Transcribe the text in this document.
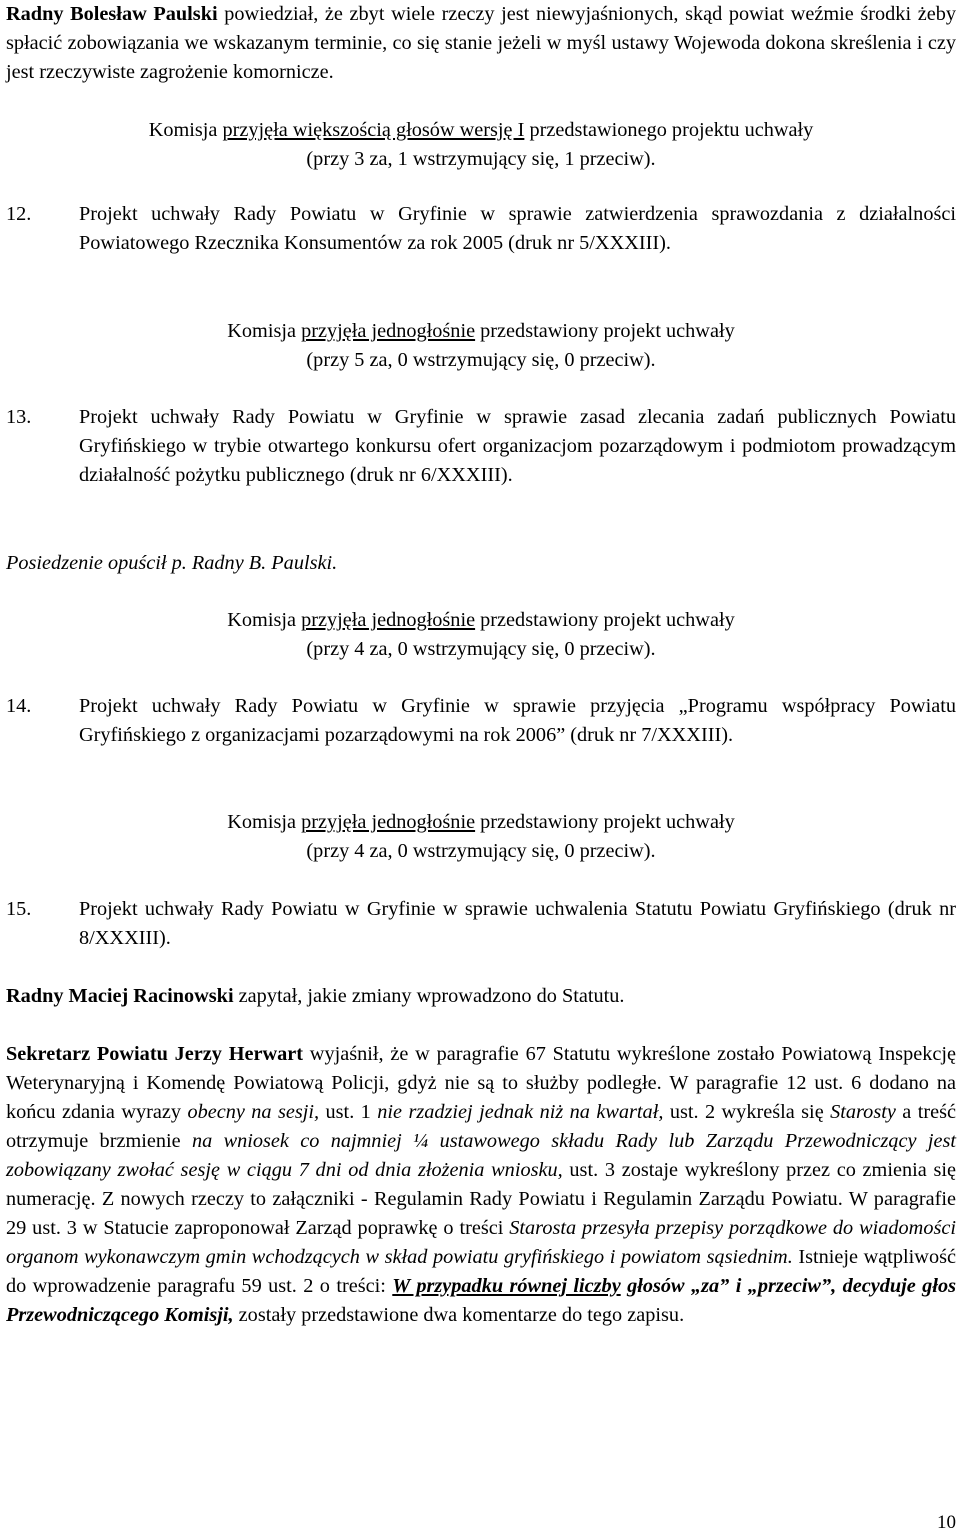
Radny Bolesław Paulski powiedział, że zbyt wiele rzeczy jest niewyjaśnionych, skąd powiat weźmie środki żeby spłacić zobowiązania we wskazanym terminie, co się stanie jeżeli w myśl ustawy Wojewoda dokona skreślenia i czy jest rzeczywiste zagrożenie komornicze.

Komisja przyjęła większością głosów wersję I przedstawionego projektu uchwały

(przy 3 za, 1 wstrzymujący się, 1 przeciw).

12.	Projekt uchwały Rady Powiatu w Gryfinie w sprawie zatwierdzenia sprawozdania z działalności Powiatowego Rzecznika Konsumentów za rok 2005 (druk nr 5/XXXIII).

Komisja przyjęła jednogłośnie przedstawiony projekt uchwały

(przy 5 za, 0 wstrzymujący się, 0 przeciw).

13.	Projekt uchwały Rady Powiatu w Gryfinie w sprawie zasad zlecania zadań publicznych Powiatu Gryfińskiego w trybie otwartego konkursu ofert organizacjom pozarządowym i podmiotom prowadzącym działalność pożytku publicznego (druk nr 6/XXXIII).

Posiedzenie opuścił p. Radny B. Paulski.

Komisja przyjęła jednogłośnie przedstawiony projekt uchwały

(przy 4 za, 0 wstrzymujący się, 0 przeciw).

14.	Projekt uchwały Rady Powiatu w Gryfinie w sprawie przyjęcia „Programu współpracy Powiatu Gryfińskiego z organizacjami pozarządowymi na rok 2006” (druk nr 7/XXXIII).

Komisja przyjęła jednogłośnie przedstawiony projekt uchwały

(przy 4 za, 0 wstrzymujący się, 0 przeciw).

15.	Projekt uchwały Rady Powiatu w Gryfinie w sprawie uchwalenia Statutu Powiatu Gryfińskiego (druk nr 8/XXXIII).

Radny Maciej Racinowski zapytał, jakie zmiany wprowadzono do Statutu.

Sekretarz Powiatu Jerzy Herwart wyjaśnił, że w paragrafie 67 Statutu wykreślone zostało Powiatową Inspekcję Weterynaryjną i Komendę Powiatową Policji, gdyż nie są to służby podległe. W paragrafie 12 ust. 6 dodano na końcu zdania wyrazy obecny na sesji, ust. 1 nie rzadziej jednak niż na kwartał, ust. 2 wykreśla się Starosty a treść otrzymuje brzmienie na wniosek co najmniej ¼ ustawowego składu Rady lub Zarządu Przewodniczący jest zobowiązany zwołać sesję w ciągu 7 dni od dnia złożenia wniosku, ust. 3 zostaje wykreślony przez co zmienia się numerację. Z nowych rzeczy to załączniki - Regulamin Rady Powiatu i Regulamin Zarządu Powiatu. W paragrafie 29 ust. 3 w Statucie zaproponował Zarząd poprawkę o treści Starosta przesyła przepisy porządkowe do wiadomości organom wykonawczym gmin wchodzących w skład powiatu gryfińskiego i powiatom sąsiednim. Istnieje wątpliwość do wprowadzenie paragrafu 59 ust. 2 o treści: W przypadku równej liczby głosów „za” i „przeciw”, decyduje głos Przewodniczącego Komisji, zostały przedstawione dwa komentarze do tego zapisu.

10
